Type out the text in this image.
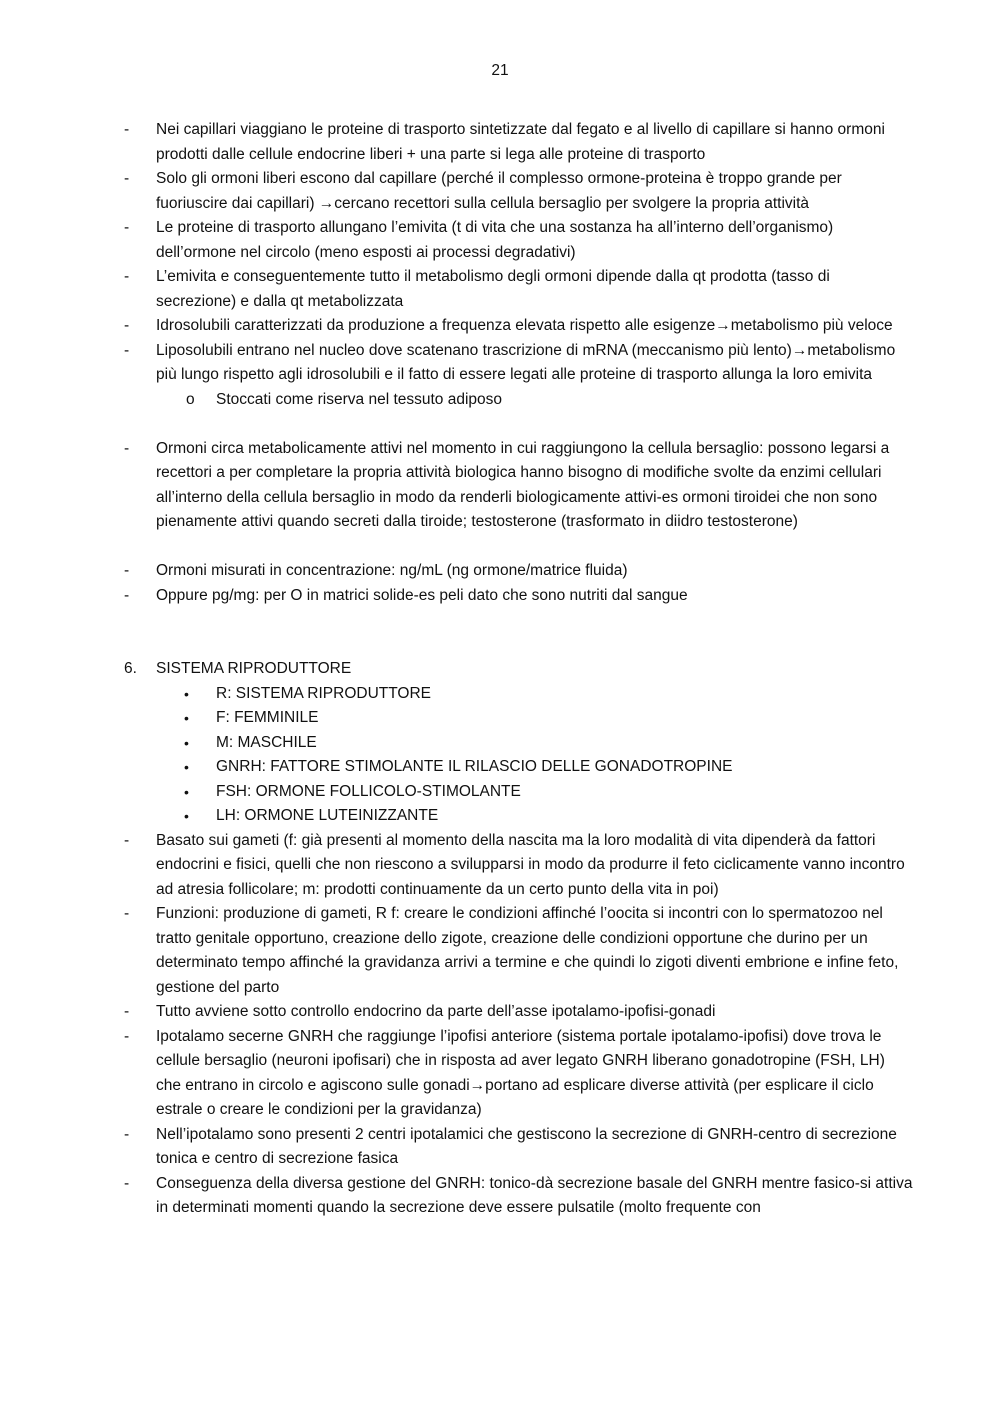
21
-	Nei capillari viaggiano le proteine di trasporto sintetizzate dal fegato e al livello di capillare si hanno ormoni prodotti dalle cellule endocrine liberi + una parte si lega alle proteine di trasporto
-	Solo gli ormoni liberi escono dal capillare (perché il complesso ormone-proteina è troppo grande per fuoriuscire dai capillari) →cercano recettori sulla cellula bersaglio per svolgere la propria attività
-	Le proteine di trasporto allungano l’emivita (t di vita che una sostanza ha all’interno dell’organismo) dell’ormone nel circolo (meno esposti ai processi degradativi)
-	L’emivita e conseguentemente tutto il metabolismo degli ormoni dipende dalla qt prodotta (tasso di secrezione) e dalla qt metabolizzata
-	Idrosolubili caratterizzati da produzione a frequenza elevata rispetto alle esigenze→metabolismo più veloce
-	Liposolubili entrano nel nucleo dove scatenano trascrizione di mRNA (meccanismo più lento)→metabolismo più lungo rispetto agli idrosolubili e il fatto di essere legati alle proteine di trasporto allunga la loro emivita
o Stoccati come riserva nel tessuto adiposo
-	Ormoni circa metabolicamente attivi nel momento in cui raggiungono la cellula bersaglio: possono legarsi a recettori a per completare la propria attività biologica hanno bisogno di modifiche svolte da enzimi cellulari all’interno della cellula bersaglio in modo da renderli biologicamente attivi-es ormoni tiroidei che non sono pienamente attivi quando secreti dalla tiroide; testosterone (trasformato in diidro testosterone)
-	Ormoni misurati in concentrazione: ng/mL (ng ormone/matrice fluida)
-	Oppure pg/mg: per O in matrici solide-es peli dato che sono nutriti dal sangue
6.	SISTEMA RIPRODUTTORE
• R: SISTEMA RIPRODUTTORE
• F: FEMMINILE
• M: MASCHILE
• GNRH: FATTORE STIMOLANTE IL RILASCIO DELLE GONADOTROPINE
• FSH: ORMONE FOLLICOLO-STIMOLANTE
• LH: ORMONE LUTEINIZZANTE
-	Basato sui gameti (f: già presenti al momento della nascita ma la loro modalità di vita dipenderà da fattori endocrini e fisici, quelli che non riescono a svilupparsi in modo da produrre il feto ciclicamente vanno incontro ad atresia follicolare; m: prodotti continuamente da un certo punto della vita in poi)
-	Funzioni: produzione di gameti, R f: creare le condizioni affinché l’oocita si incontri con lo spermatozoo nel tratto genitale opportuno, creazione dello zigote, creazione delle condizioni opportune che durino per un determinato tempo affinché la gravidanza arrivi a termine e che quindi lo zigoti diventi embrione e infine feto, gestione del parto
-	Tutto avviene sotto controllo endocrino da parte dell’asse ipotalamo-ipofisi-gonadi
-	Ipotalamo secerne GNRH che raggiunge l’ipofisi anteriore (sistema portale ipotalamo-ipofisi) dove trova le cellule bersaglio (neuroni ipofisari) che in risposta ad aver legato GNRH liberano gonadotropine (FSH, LH) che entrano in circolo e agiscono sulle gonadi→portano ad esplicare diverse attività (per esplicare il ciclo estrale o creare le condizioni per la gravidanza)
-	Nell’ipotalamo sono presenti 2 centri ipotalamici che gestiscono la secrezione di GNRH-centro di secrezione tonica e centro di secrezione fasica
-	Conseguenza della diversa gestione del GNRH: tonico-dà secrezione basale del GNRH mentre fasico-si attiva in determinati momenti quando la secrezione deve essere pulsatile (molto frequente con
